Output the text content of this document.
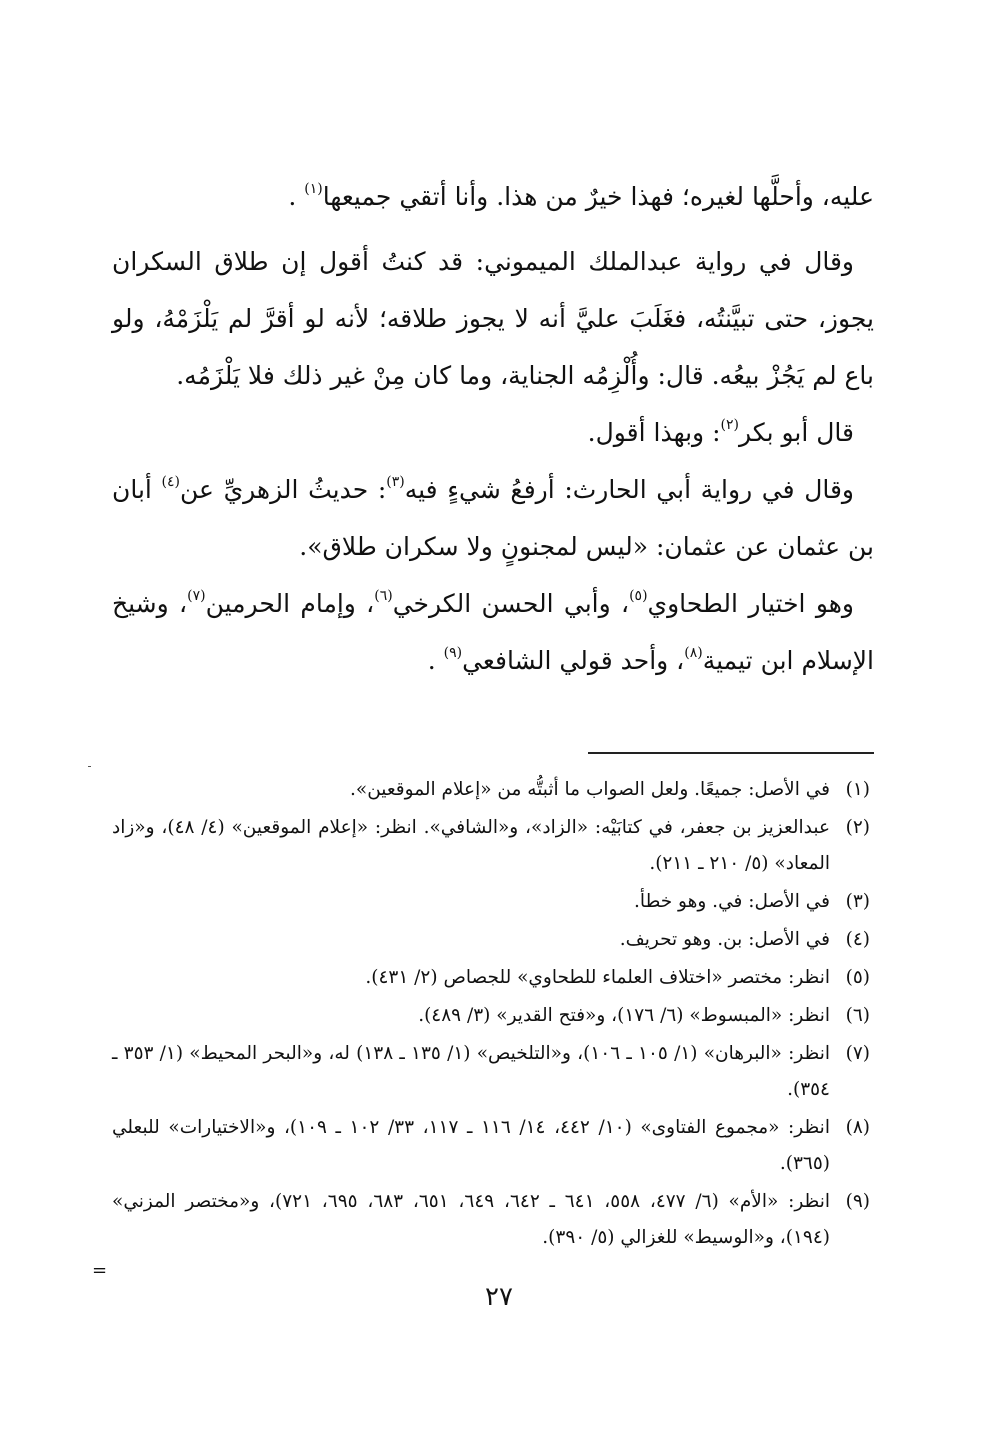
عليه، وأحلَّها لغيره؛ فهذا خيرٌ من هذا. وأنا أتقي جميعها$^{(١)}$ .

وقال في رواية عبدالملك الميموني: قد كنتُ أقول إن طلاق السكران يجوز، حتى تبيَّنتُه، فغَلَبَ عليَّ أنه لا يجوز طلاقه؛ لأنه لو أقرَّ لم يَلْزَمْهُ، ولو باع لم يَجُزْ بيعُه. قال: وأُلْزِمُه الجناية، وما كان مِنْ غير ذلك فلا يَلْزَمُه.

قال أبو بكر$^{(٢)}$: وبهذا أقول.

وقال في رواية أبي الحارث: أرفعُ شيءٍ فيه$^{(٣)}$: حديثُ الزهريِّ عن$^{(٤)}$ أبان بن عثمان عن عثمان: «ليس لمجنونٍ ولا سكران طلاق».

وهو اختيار الطحاوي$^{(٥)}$، وأبي الحسن الكرخي$^{(٦)}$، وإمام الحرمين$^{(٧)}$، وشيخ الإسلام ابن تيمية$^{(٨)}$، وأحد قولي الشافعي$^{(٩)}$ .

(١)
في الأصل: جميعًا. ولعل الصواب ما أثبتُّه من «إعلام الموقعين».
(٢)
عبدالعزيز بن جعفر، في كتابَيْه: «الزاد»، و«الشافي». انظر: «إعلام الموقعين» (٤/ ٤٨)، و«زاد المعاد» (٥/ ٢١٠ ـ ٢١١).
(٣)
في الأصل: في. وهو خطأ.
(٤)
في الأصل: بن. وهو تحريف.
(٥)
انظر: مختصر «اختلاف العلماء للطحاوي» للجصاص (٢/ ٤٣١).
(٦)
انظر: «المبسوط» (٦/ ١٧٦)، و«فتح القدير» (٣/ ٤٨٩).
(٧)
انظر: «البرهان» (١/ ١٠٥ ـ ١٠٦)، و«التلخيص» (١/ ١٣٥ ـ ١٣٨) له، و«البحر المحيط» (١/ ٣٥٣ ـ ٣٥٤).
(٨)
انظر: «مجموع الفتاوى» (١٠/ ٤٤٢، ١٤/ ١١٦ ـ ١١٧، ٣٣/ ١٠٢ ـ ١٠٩)، و«الاختيارات» للبعلي (٣٦٥).
(٩)
انظر: «الأم» (٦/ ٤٧٧، ٥٥٨، ٦٤١ ـ ٦٤٢، ٦٤٩، ٦٥١، ٦٨٣، ٦٩٥، ٧٢١)، و«مختصر المزني» (١٩٤)، و«الوسيط» للغزالي (٥/ ٣٩٠).
=
٢٧
